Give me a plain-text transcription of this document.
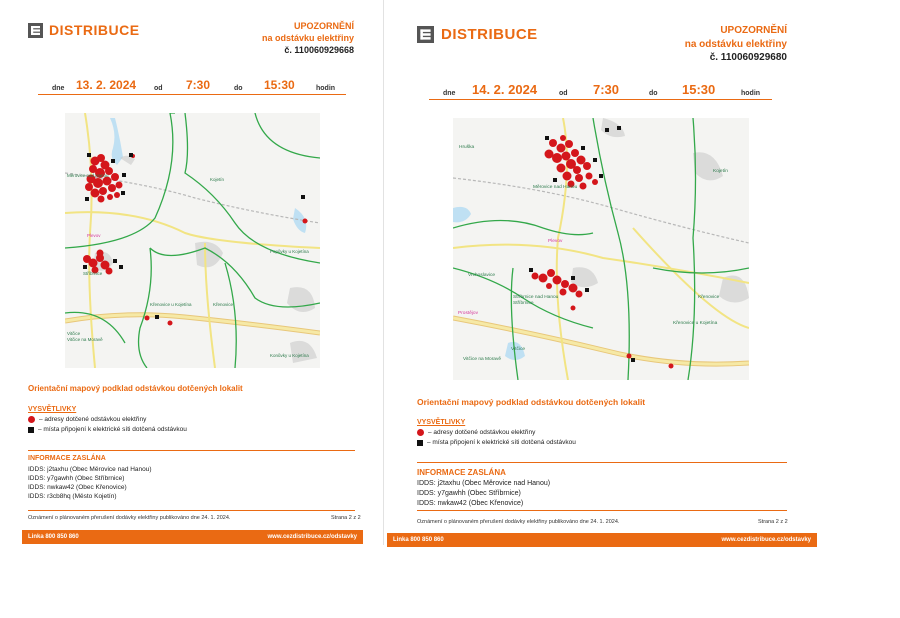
DISTRIBUCE	UPOZORNĚNÍ
na odstávku elektřiny
č. 110060929668
dne 13. 2. 2024	od 7:30	do 15:30	hodin
Měrovice nad Hanou
Kojetín
Stříbrnice
Popůvky u Kojetína
Křenovice u Kojetína	Křenovice
Vitčice
Vitčice na Moravě
Konůvky u Kojetína
Plevov
Orientační mapový podklad odstávkou dotčených lokalit
VYSVĚTLIVKY
– adresy dotčené odstávkou elektřiny
– místa připojení k elektrické síti dotčená odstávkou
INFORMACE ZASLÁNA
IDDS: j2taxhu (Obec Měrovice nad Hanou)
IDDS: y7gawhh (Obec Stříbrnice)
IDDS: nwkaw42 (Obec Křenovice)
IDDS: r3cb8hq (Město Kojetín)
Oznámení o plánovaném přerušení dodávky elektřiny publikováno dne 24. 1. 2024.	Strana 2 z 2
Linka 800 850 860	www.cezdistribuce.cz/odstavky
DISTRIBUCE	UPOZORNĚNÍ
na odstávku elektřiny
č. 110060929680
dne 14. 2. 2024	od 7:30	do 15:30	hodin
Hruška
Měrovice nad Hanou
Kojetín
Plevov
Vrchoslavice
Stříbrnice
Křenovice u Kojetína
Vitčice na Moravě
Prostějov
Vitčice
Stříbrnice nad Hanou	Křenovice
Orientační mapový podklad odstávkou dotčených lokalit
VYSVĚTLIVKY
– adresy dotčené odstávkou elektřiny
– místa připojení k elektrické síti dotčená odstávkou
INFORMACE ZASLÁNA
IDDS: j2taxhu (Obec Měrovice nad Hanou)
IDDS: y7gawhh (Obec Stříbrnice)
IDDS: nwkaw42 (Obec Křenovice)
Oznámení o plánovaném přerušení dodávky elektřiny publikováno dne 24. 1. 2024.	Strana 2 z 2
Linka 800 850 860	www.cezdistribuce.cz/odstavky
